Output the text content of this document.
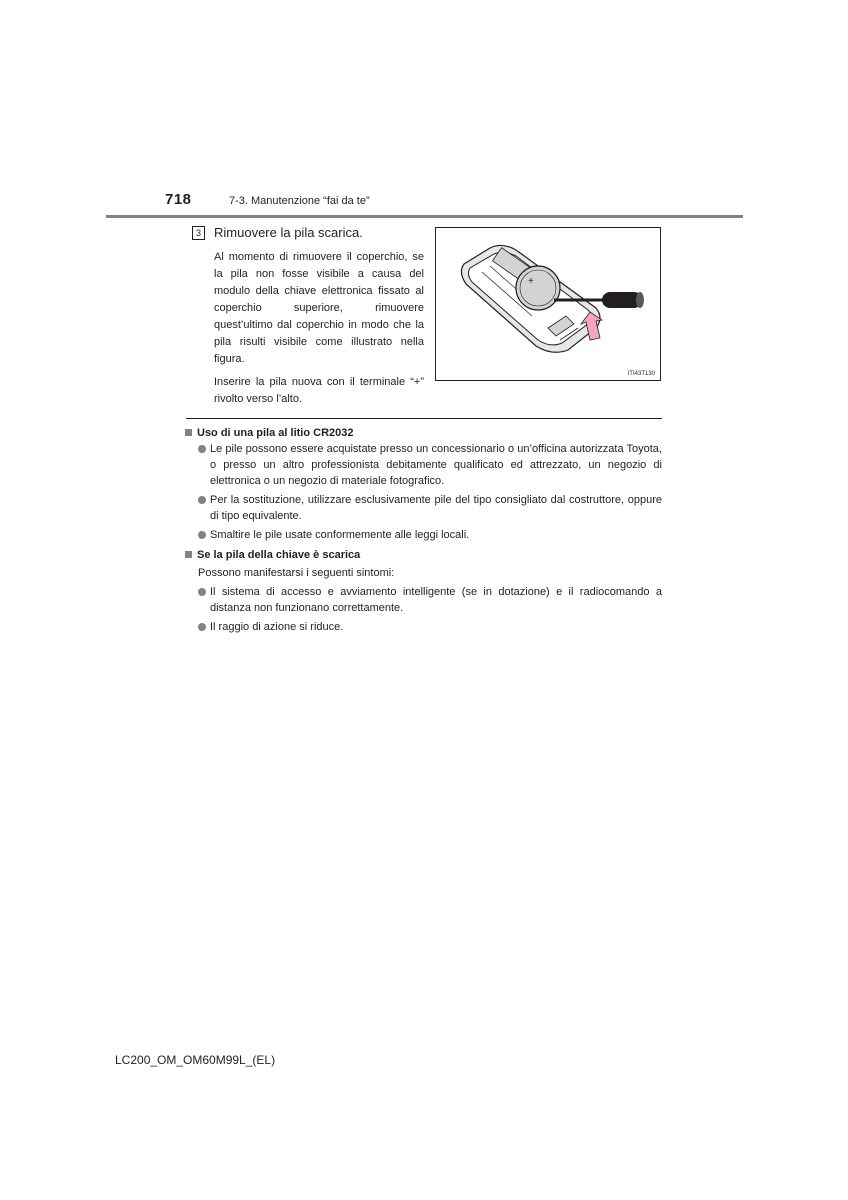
718	7-3. Manutenzione “fai da te”
3	Rimuovere la pila scarica.

Al momento di rimuovere il coperchio, se la pila non fosse visibile a causa del modulo della chiave elettronica fissato al coperchio superiore, rimuovere quest’ultimo dal coperchio in modo che la pila risulti visibile come illustrato nella figura.

Inserire la pila nuova con il terminale “+” rivolto verso l’alto.

+
ITI43T130

Uso di una pila al litio CR2032

Le pile possono essere acquistate presso un concessionario o un’officina autorizzata Toyota, o presso un altro professionista debitamente qualificato ed attrezzato, un negozio di elettronica o un negozio di materiale fotografico.
Per la sostituzione, utilizzare esclusivamente pile del tipo consigliato dal costruttore, oppure di tipo equivalente.
Smaltire le pile usate conformemente alle leggi locali.

Se la pila della chiave è scarica

Possono manifestarsi i seguenti sintomi:

Il sistema di accesso e avviamento intelligente (se in dotazione) e il radiocomando a distanza non funzionano correttamente.
Il raggio di azione si riduce.
LC200_OM_OM60M99L_(EL)
